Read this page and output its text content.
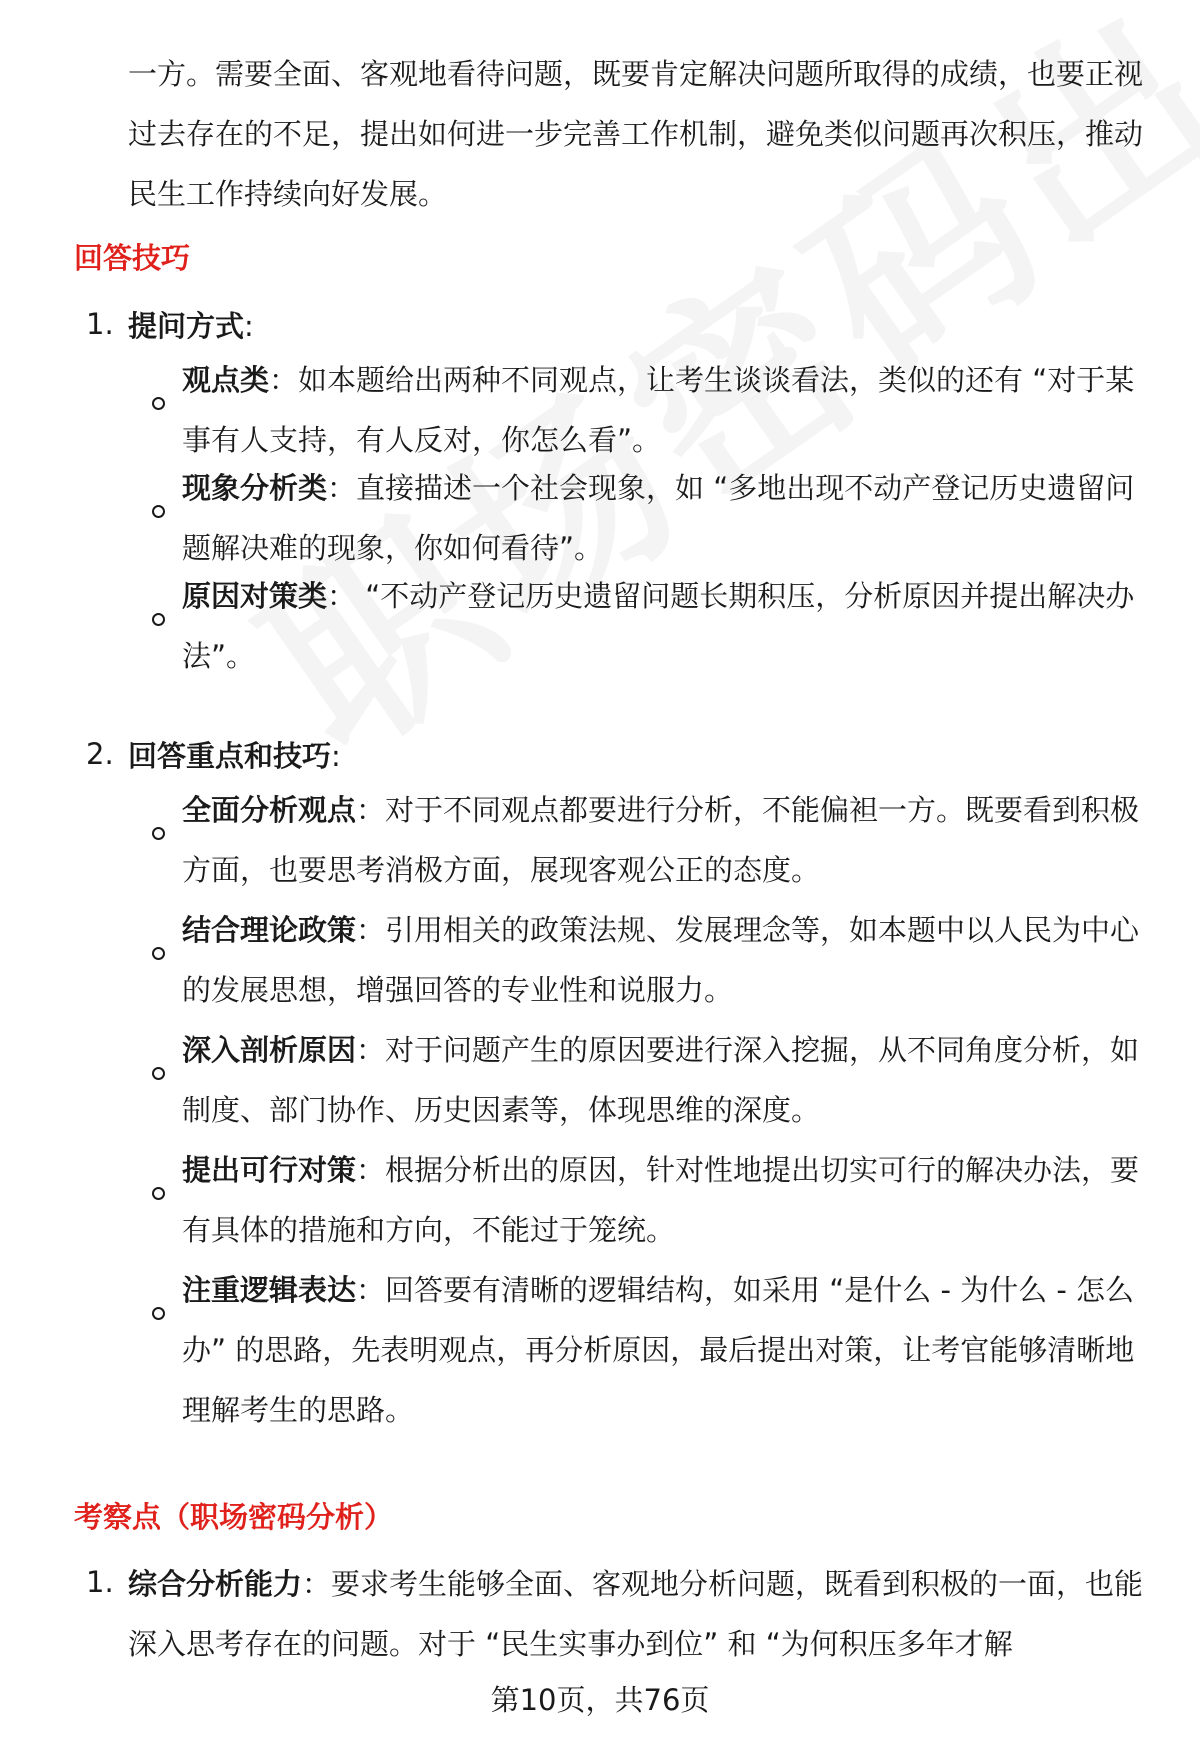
一方。需要全面、客观地看待问题，既要肯定解决问题所取得的成绩，也要正视过去存在的不足，提出如何进一步完善工作机制，避免类似问题再次积压，推动民生工作持续向好发展。
回答技巧
1. 提问方式:
观点类：如本题给出两种不同观点，让考生谈谈看法，类似的还有 “对于某事有人支持，有人反对，你怎么看”。
现象分析类：直接描述一个社会现象，如 “多地出现不动产登记历史遗留问题解决难的现象，你如何看待”。
原因对策类： “不动产登记历史遗留问题长期积压，分析原因并提出解决办法”。
2. 回答重点和技巧:
全面分析观点：对于不同观点都要进行分析，不能偏袒一方。既要看到积极方面，也要思考消极方面，展现客观公正的态度。
结合理论政策：引用相关的政策法规、发展理念等，如本题中以人民为中心的发展思想，增强回答的专业性和说服力。
深入剖析原因：对于问题产生的原因要进行深入挖掘，从不同角度分析，如制度、部门协作、历史因素等，体现思维的深度。
提出可行对策：根据分析出的原因，针对性地提出切实可行的解决办法，要有具体的措施和方向，不能过于笼统。
注重逻辑表达：回答要有清晰的逻辑结构，如采用 “是什么 - 为什么 - 怎么办” 的思路，先表明观点，再分析原因，最后提出对策，让考官能够清晰地理解考生的思路。
考察点（职场密码分析）
1. 综合分析能力：要求考生能够全面、客观地分析问题，既看到积极的一面，也能深入思考存在的问题。对于 “民生实事办到位” 和 “为何积压多年才解
第10页，共76页
